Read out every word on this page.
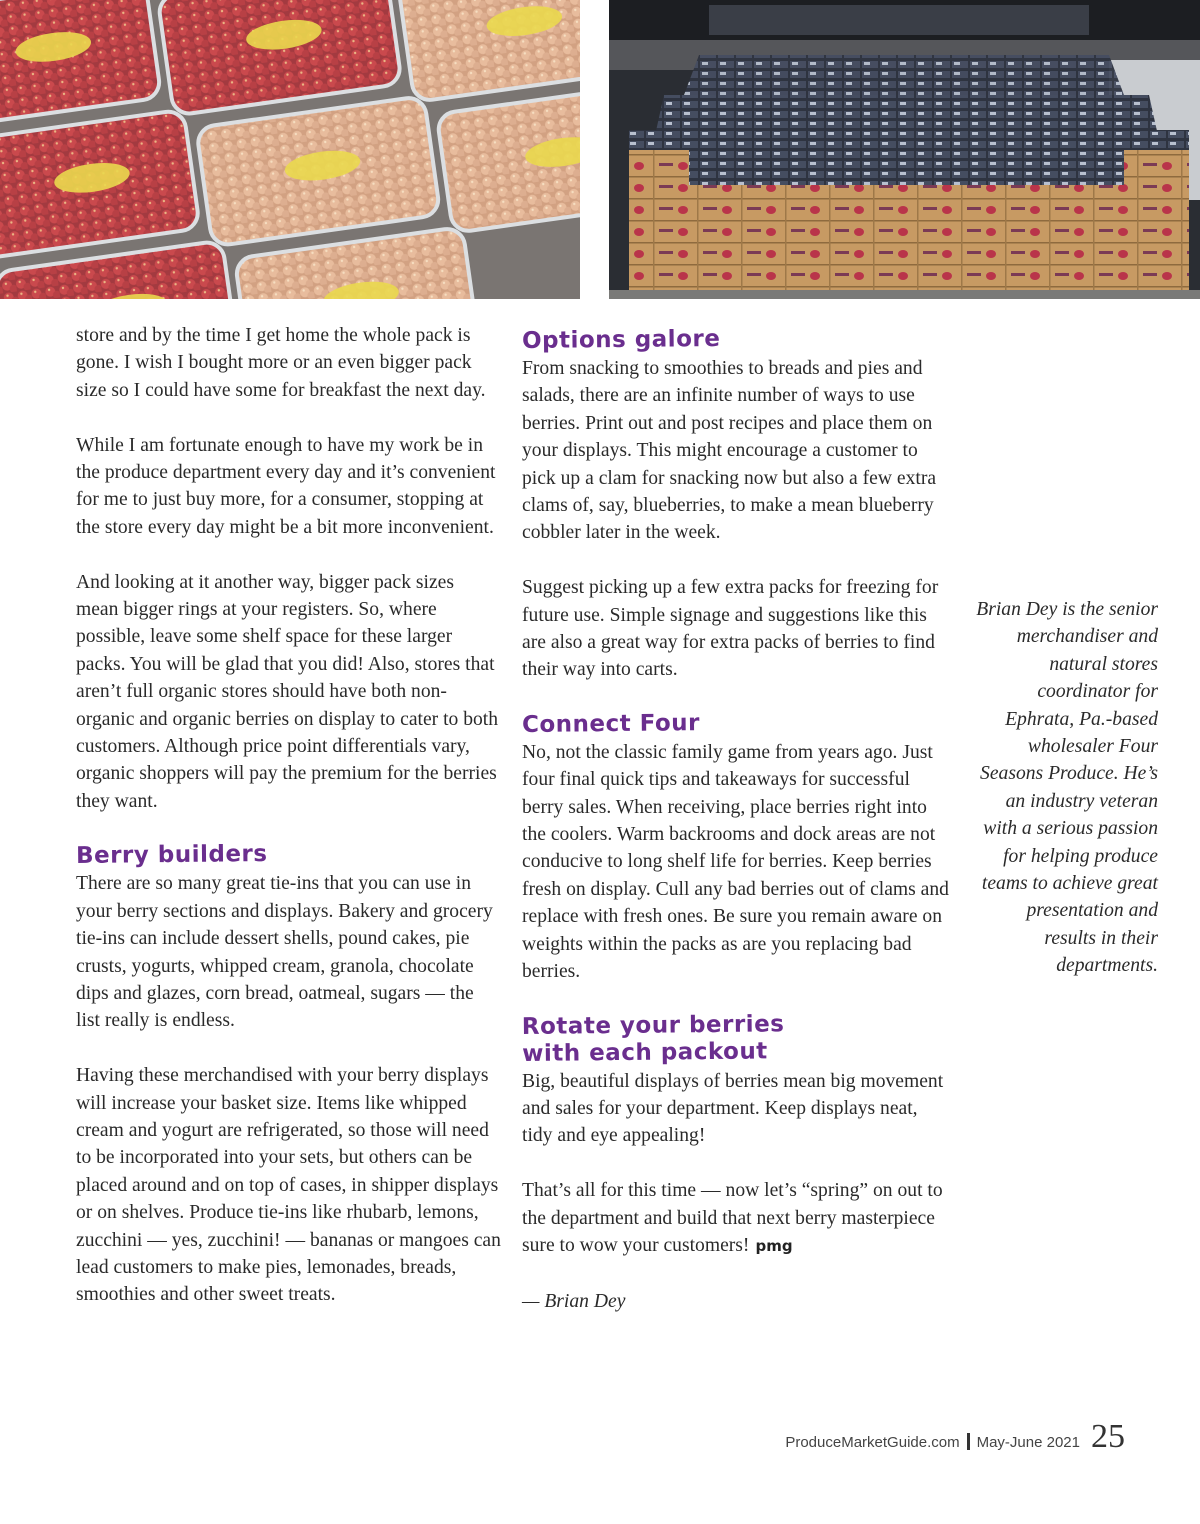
store and by the time I get home the whole pack is gone. I wish I bought more or an even bigger pack size so I could have some for breakfast the next day.

While I am fortunate enough to have my work be in the produce department every day and it’s convenient for me to just buy more, for a consumer, stopping at the store every day might be a bit more inconvenient.

And looking at it another way, bigger pack sizes mean bigger rings at your registers. So, where possible, leave some shelf space for these larger packs. You will be glad that you did! Also, stores that aren’t full organic stores should have both non-organic and organic berries on display to cater to both customers. Although price point differentials vary, organic shoppers will pay the premium for the berries they want.

Berry builders

There are so many great tie-ins that you can use in your berry sections and displays. Bakery and grocery tie-ins can include dessert shells, pound cakes, pie crusts, yogurts, whipped cream, granola, chocolate dips and glazes, corn bread, oatmeal, sugars — the list really is endless.

Having these merchandised with your berry displays will increase your basket size. Items like whipped cream and yogurt are refrigerated, so those will need to be incorporated into your sets, but others can be placed around and on top of cases, in shipper displays or on shelves. Produce tie-ins like rhubarb, lemons, zucchini — yes, zucchini! — bananas or mangoes can lead customers to make pies, lemonades, breads, smoothies and other sweet treats.

Options galore

From snacking to smoothies to breads and pies and salads, there are an infinite number of ways to use berries. Print out and post recipes and place them on your displays. This might encourage a customer to pick up a clam for snacking now but also a few extra clams of, say, blueberries, to make a mean blueberry cobbler later in the week.

Suggest picking up a few extra packs for freezing for future use. Simple signage and suggestions like this are also a great way for extra packs of berries to find their way into carts.

Connect Four

No, not the classic family game from years ago. Just four final quick tips and takeaways for successful berry sales. When receiving, place berries right into the coolers. Warm backrooms and dock areas are not conducive to long shelf life for berries. Keep berries fresh on display. Cull any bad berries out of clams and replace with fresh ones. Be sure you remain aware on weights within the packs as are you replacing bad berries.

Rotate your berries
with each packout

Big, beautiful displays of berries mean big movement and sales for your department. Keep displays neat, tidy and eye appealing!

That’s all for this time — now let’s “spring” on out to the department and build that next berry masterpiece sure to wow your customers! pmg

— Brian Dey

Brian Dey is the senior merchandiser and natural stores coordinator for Ephrata, Pa.-based wholesaler Four Seasons Produce. He’s an industry veteran with a serious passion for helping produce teams to achieve great presentation and results in their departments.
ProduceMarketGuide.com May-June 2021 25
